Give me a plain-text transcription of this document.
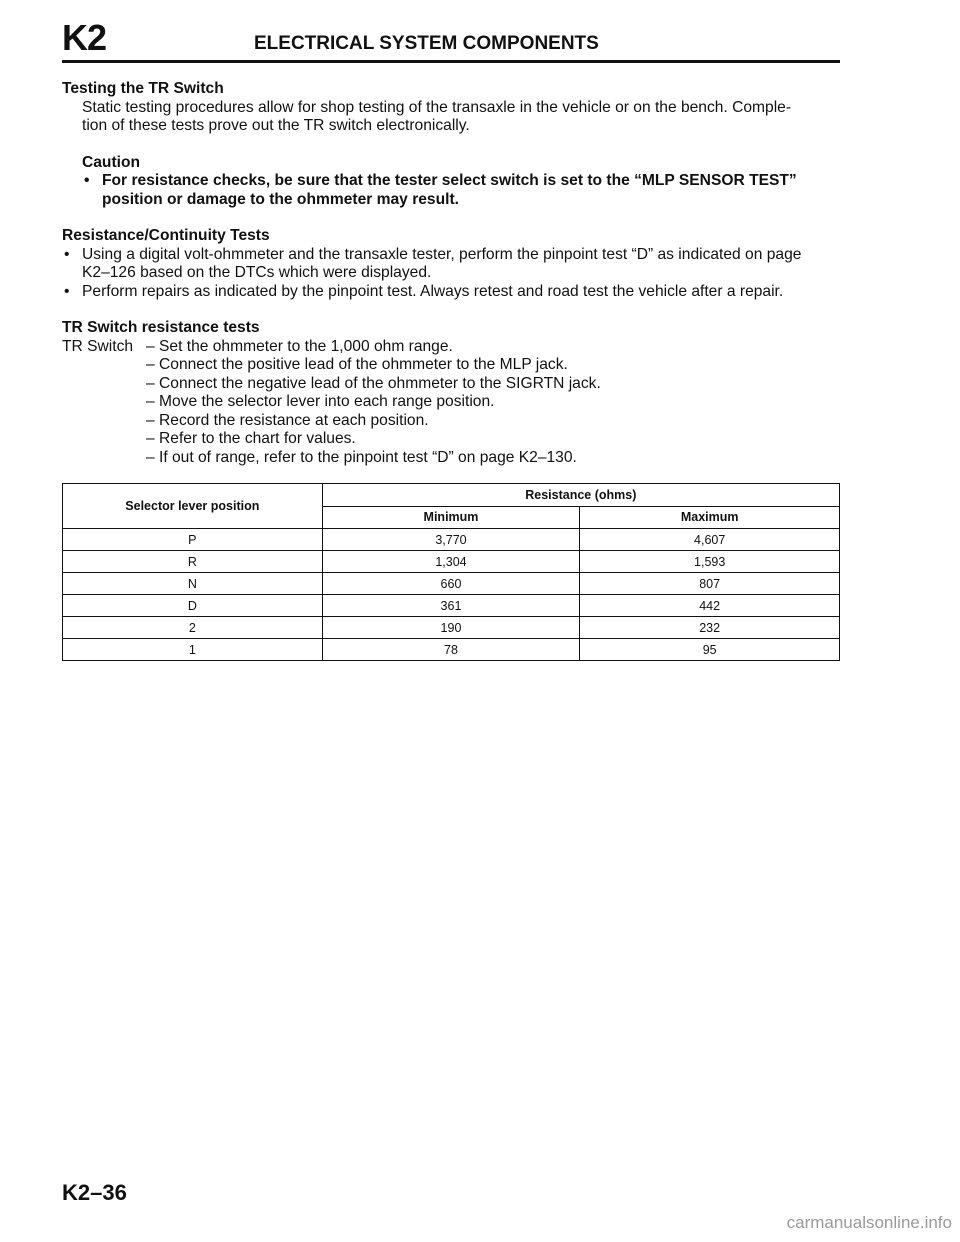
K2	ELECTRICAL SYSTEM COMPONENTS
Testing the TR Switch
Static testing procedures allow for shop testing of the transaxle in the vehicle or on the bench. Comple-
tion of these tests prove out the TR switch electronically.
Caution
• For resistance checks, be sure that the tester select switch is set to the “MLP SENSOR TEST”
position or damage to the ohmmeter may result.
Resistance/Continuity Tests
• Using a digital volt-ohmmeter and the transaxle tester, perform the pinpoint test “D” as indicated on page
K2–126 based on the DTCs which were displayed.
• Perform repairs as indicated by the pinpoint test. Always retest and road test the vehicle after a repair.
TR Switch resistance tests
TR Switch – Set the ohmmeter to the 1,000 ohm range.
– Connect the positive lead of the ohmmeter to the MLP jack.
– Connect the negative lead of the ohmmeter to the SIGRTN jack.
– Move the selector lever into each range position.
– Record the resistance at each position.
– Refer to the chart for values.
– If out of range, refer to the pinpoint test “D” on page K2–130.
Selector lever position	Resistance (ohms)	
	Minimum	Maximum
P	3,770	4,607
R	1,304	1,593
N	660	807
D	361	442
2	190	232
1	78	95
K2–36
carmanualsonline.info
